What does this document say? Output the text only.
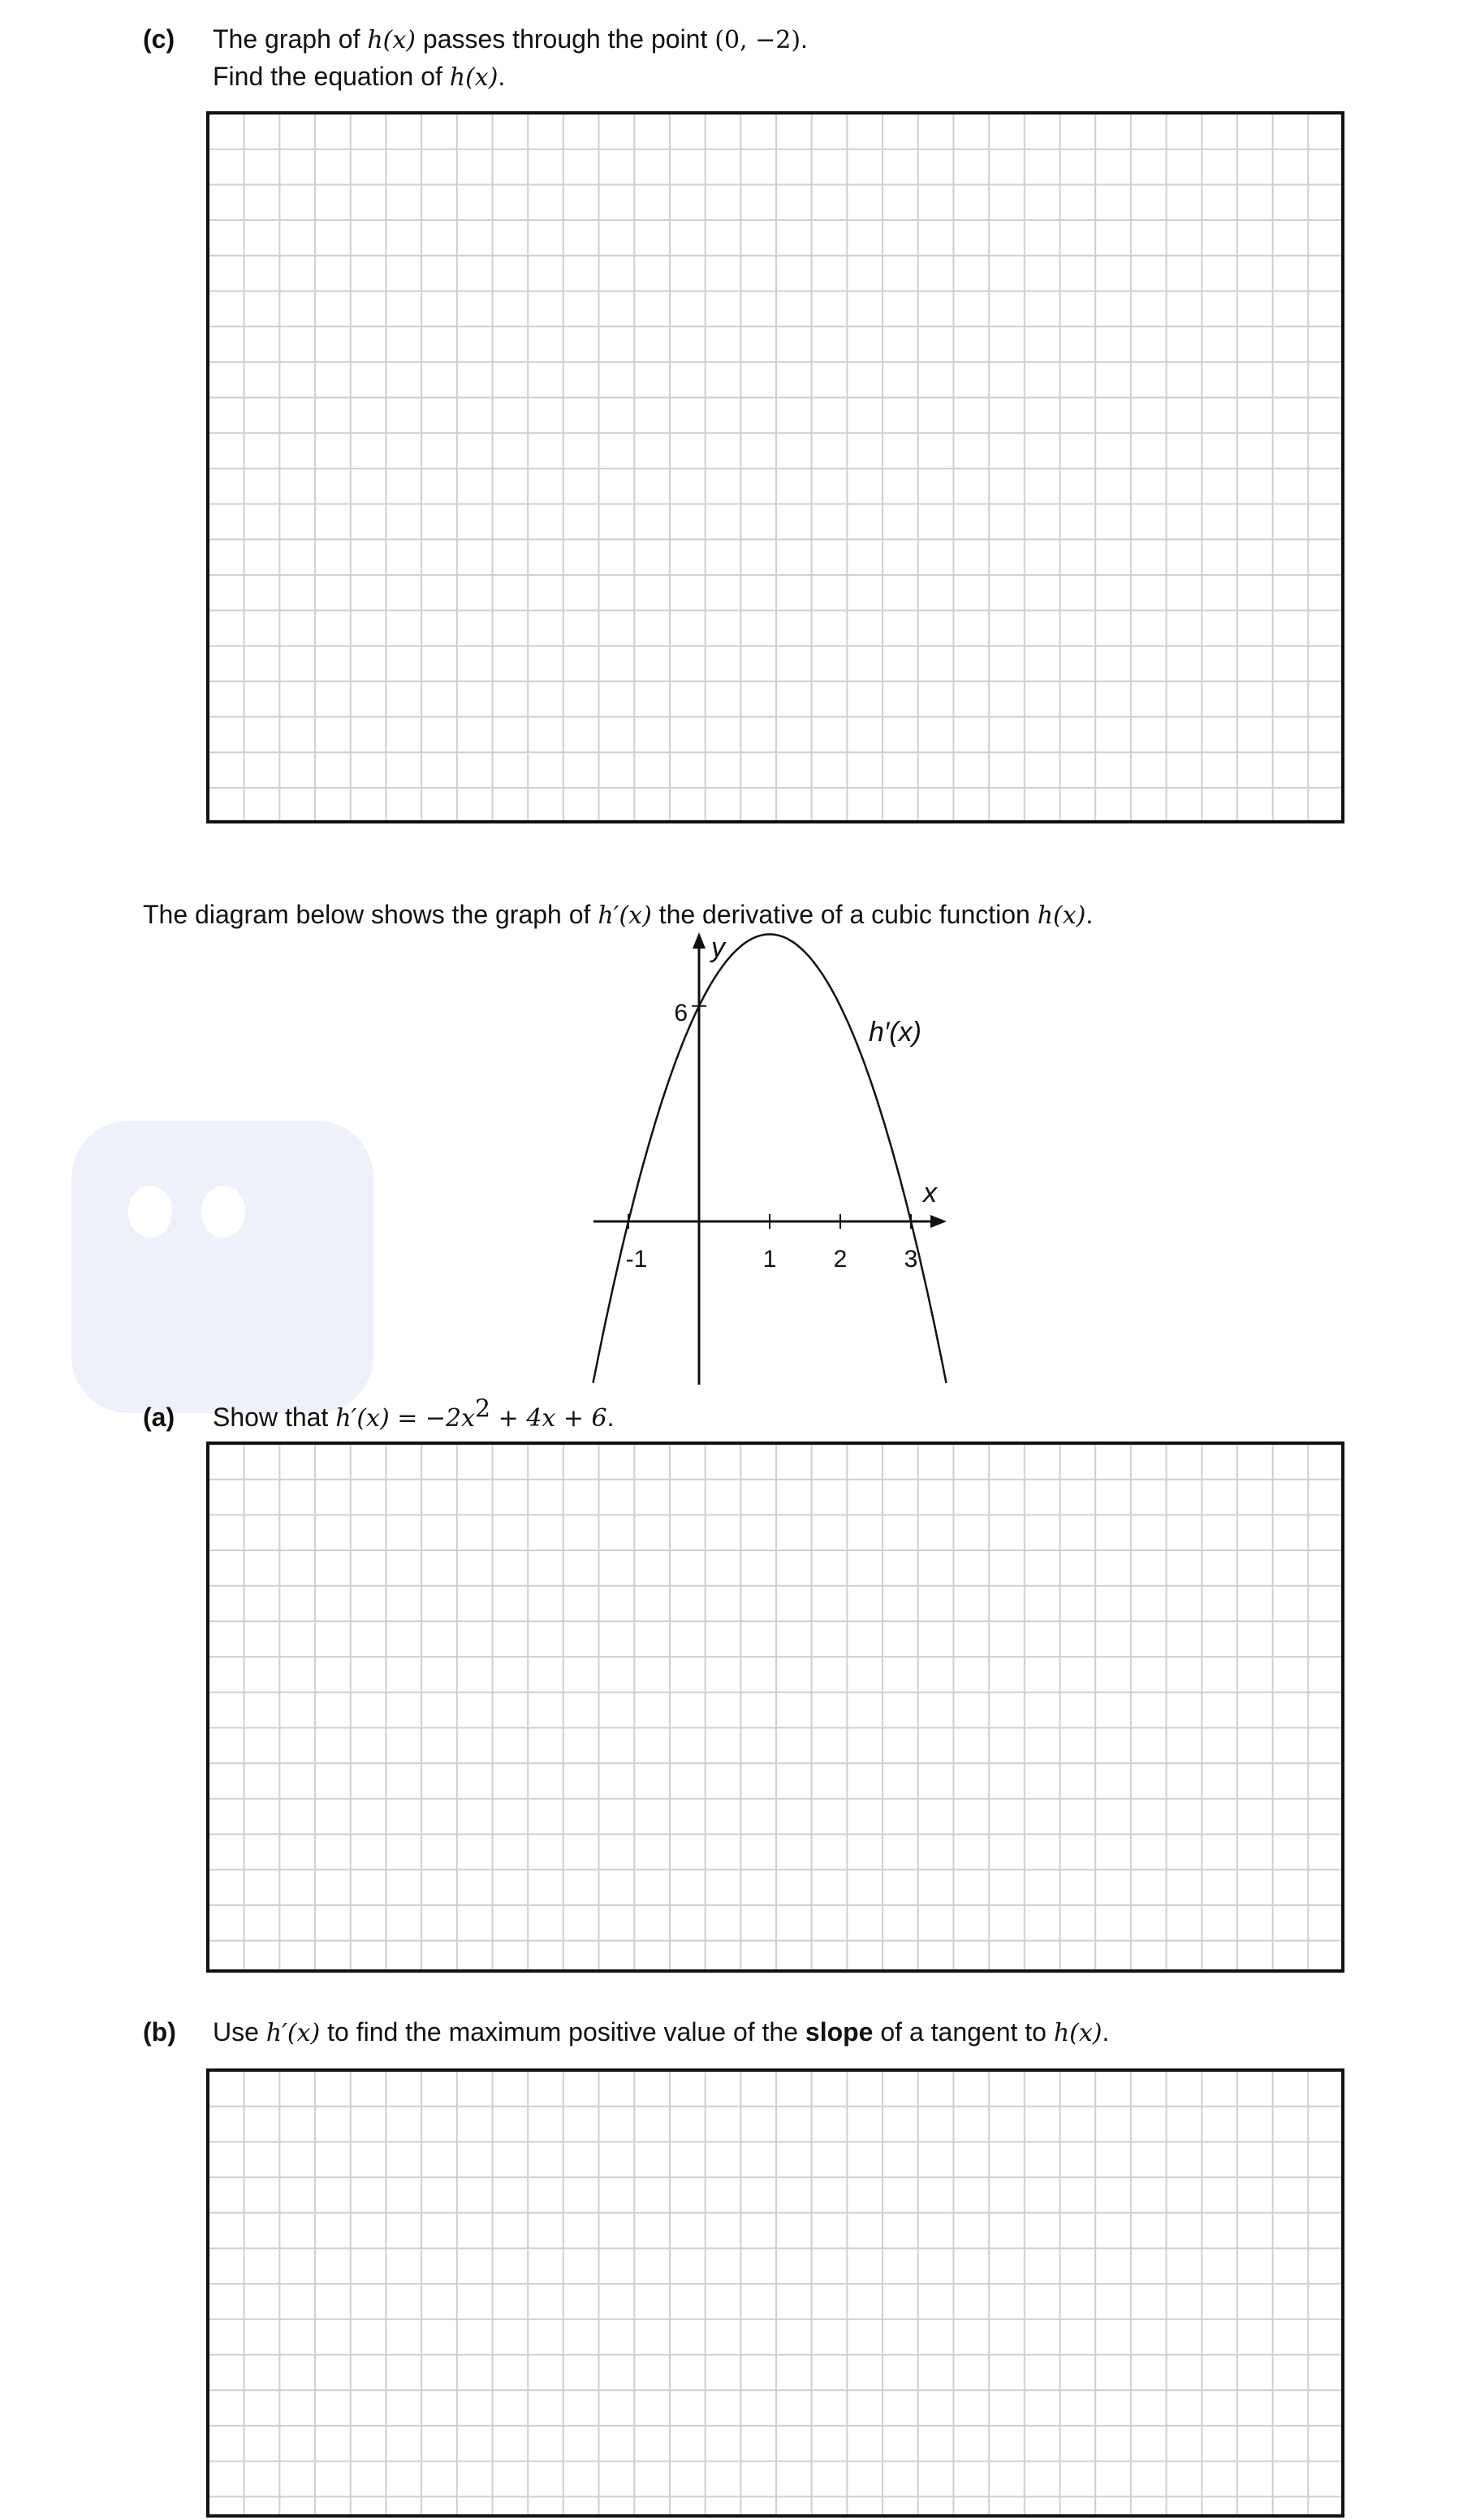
(c) The graph of h(x) passes through the point (0, −2).
Find the equation of h(x).
The diagram below shows the graph of h′(x) the derivative of a cubic function h(x).
-1	1 2 3
6
h′(x)
x
y
(a) Show that $h'(x) = -2x^2 + 4x + 6$.
(b) Use h′(x) to find the maximum positive value of the slope of a tangent to h(x).
